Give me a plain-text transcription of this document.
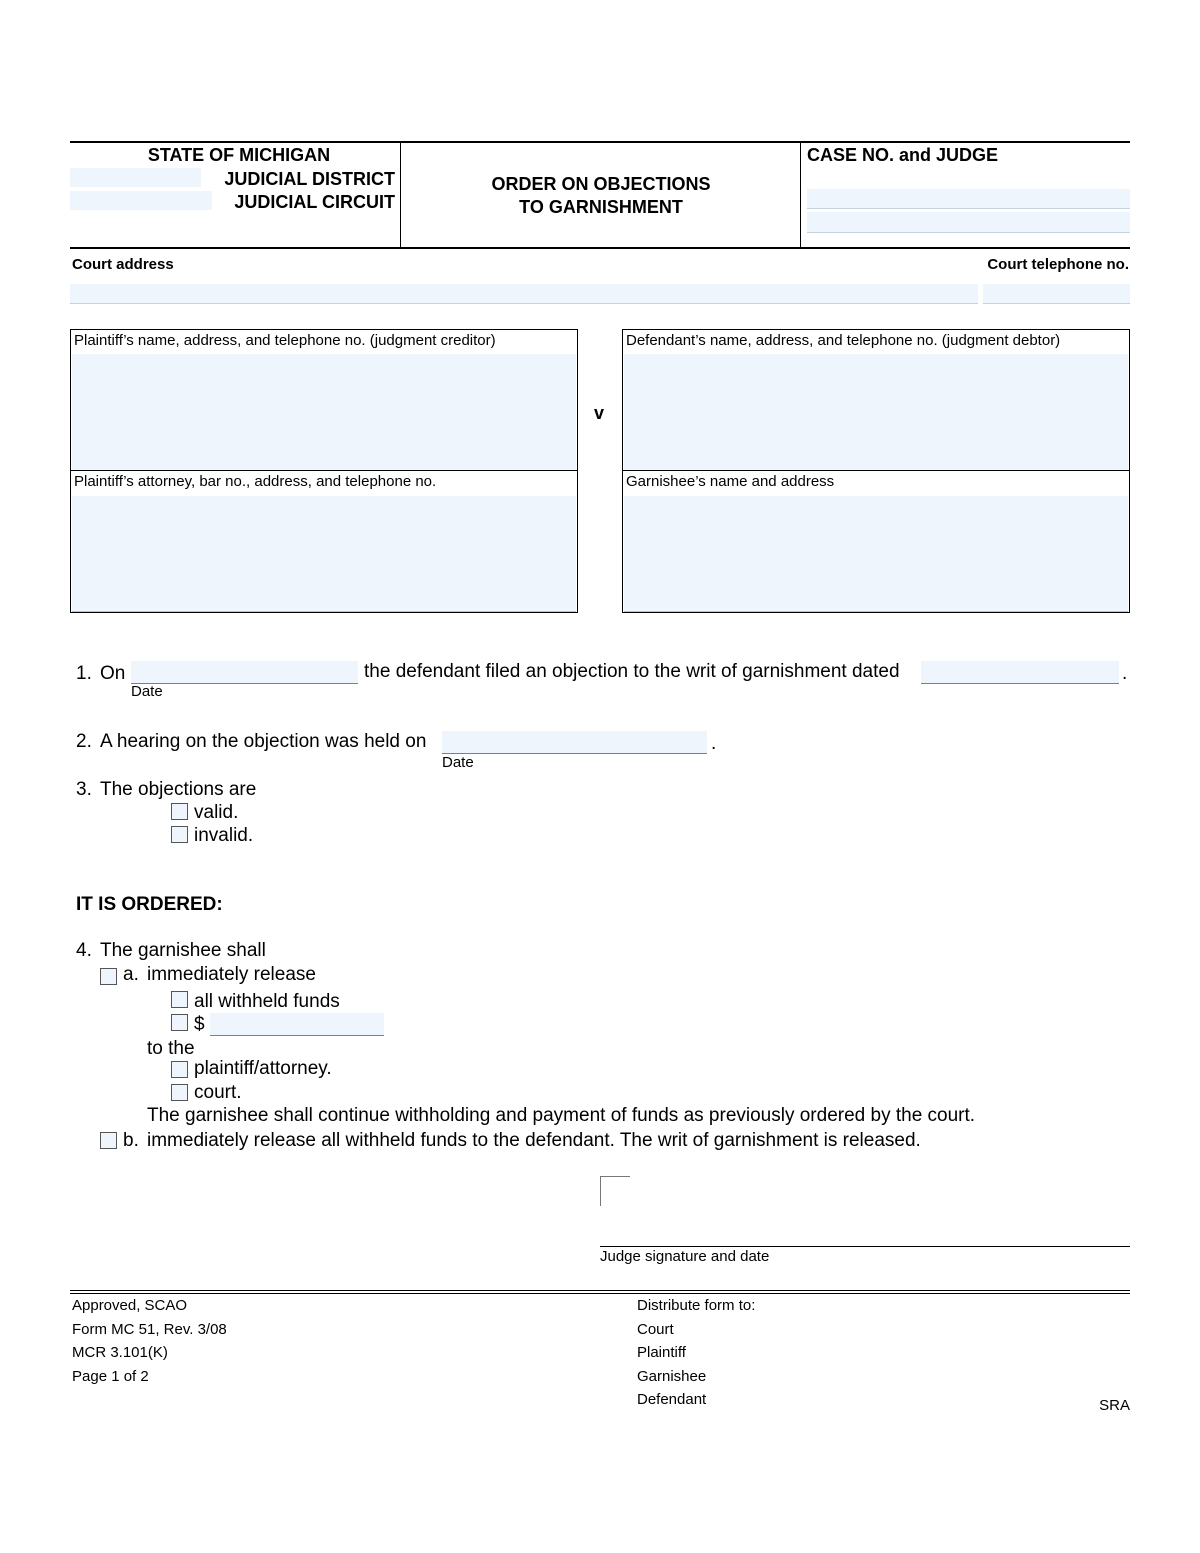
STATE OF MICHIGAN
JUDICIAL DISTRICT
JUDICIAL CIRCUIT
ORDER ON OBJECTIONS
TO GARNISHMENT
CASE NO. and JUDGE
Court address	Court telephone no.
Plaintiff’s name, address, and telephone no. (judgment creditor)
Plaintiff’s attorney, bar no., address, and telephone no.
v
Defendant’s name, address, and telephone no. (judgment debtor)
Garnishee’s name and address
1. On	the defendant filed an objection to the writ of garnishment dated	.
Date
2. A hearing on the objection was held on	.
Date
3. The objections are
valid.
invalid.
IT IS ORDERED:
4. The garnishee shall
a. immediately release
all withheld funds
$
to the
plaintiff/attorney.
court.
The garnishee shall continue withholding and payment of funds as previously ordered by the court.
b. immediately release all withheld funds to the defendant. The writ of garnishment is released.
Judge signature and date
Approved, SCAO
Form MC 51, Rev. 3/08
MCR 3.101(K)
Page 1 of 2
Distribute form to:
Court
Plaintiff
Garnishee
Defendant	SRA
